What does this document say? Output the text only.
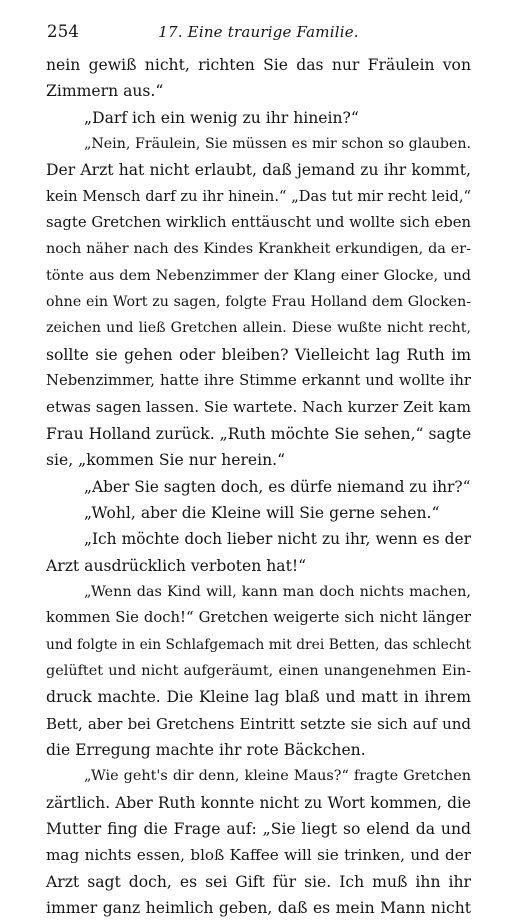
254	17. Eine traurige Familie.
nein gewiß nicht, richten Sie das nur Fräulein von
Zimmern aus.“
„Darf ich ein wenig zu ihr hinein?“
„Nein, Fräulein, Sie müssen es mir schon so glauben.
Der Arzt hat nicht erlaubt, daß jemand zu ihr kommt,
kein Mensch darf zu ihr hinein.“ „Das tut mir recht leid,“
sagte Gretchen wirklich enttäuscht und wollte sich eben
noch näher nach des Kindes Krankheit erkundigen, da er-
tönte aus dem Nebenzimmer der Klang einer Glocke, und
ohne ein Wort zu sagen, folgte Frau Holland dem Glocken-
zeichen und ließ Gretchen allein. Diese wußte nicht recht,
sollte sie gehen oder bleiben? Vielleicht lag Ruth im
Nebenzimmer, hatte ihre Stimme erkannt und wollte ihr
etwas sagen lassen. Sie wartete. Nach kurzer Zeit kam
Frau Holland zurück. „Ruth möchte Sie sehen,“ sagte
sie, „kommen Sie nur herein.“
„Aber Sie sagten doch, es dürfe niemand zu ihr?“
„Wohl, aber die Kleine will Sie gerne sehen.“
„Ich möchte doch lieber nicht zu ihr, wenn es der
Arzt ausdrücklich verboten hat!“
„Wenn das Kind will, kann man doch nichts machen,
kommen Sie doch!“ Gretchen weigerte sich nicht länger
und folgte in ein Schlafgemach mit drei Betten, das schlecht
gelüftet und nicht aufgeräumt, einen unangenehmen Ein-
druck machte. Die Kleine lag blaß und matt in ihrem
Bett, aber bei Gretchens Eintritt setzte sie sich auf und
die Erregung machte ihr rote Bäckchen.
„Wie geht's dir denn, kleine Maus?“ fragte Gretchen
zärtlich. Aber Ruth konnte nicht zu Wort kommen, die
Mutter fing die Frage auf: „Sie liegt so elend da und
mag nichts essen, bloß Kaffee will sie trinken, und der
Arzt sagt doch, es sei Gift für sie. Ich muß ihn ihr
immer ganz heimlich geben, daß es mein Mann nicht
